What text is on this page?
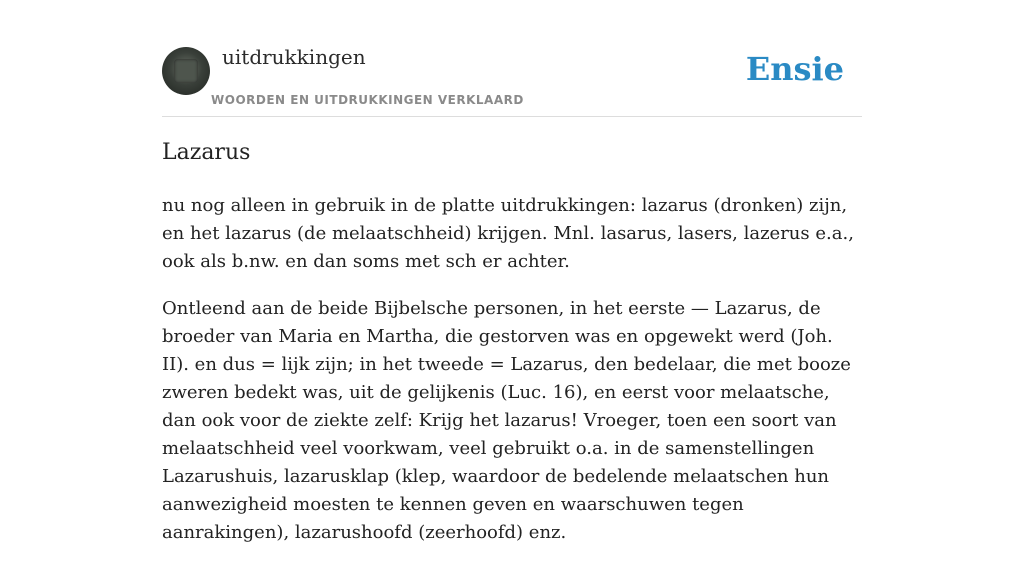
uitdrukkingen
WOORDEN EN UITDRUKKINGEN VERKLAARD
Ensie
Lazarus

nu nog alleen in gebruik in de platte uitdrukkingen: lazarus (dronken) zijn, en het lazarus (de melaatschheid) krijgen. Mnl. lasarus, lasers, lazerus e.a., ook als b.nw. en dan soms met sch er achter.

Ontleend aan de beide Bijbelsche personen, in het eerste — Lazarus, de broeder van Maria en Martha, die gestorven was en opgewekt werd (Joh. II). en dus = lijk zijn; in het tweede = Lazarus, den bedelaar, die met booze zweren bedekt was, uit de gelijkenis (Luc. 16), en eerst voor melaatsche, dan ook voor de ziekte zelf: Krijg het lazarus! Vroeger, toen een soort van melaatschheid veel voorkwam, veel gebruikt o.a. in de samenstellingen Lazarushuis, lazarusklap (klep, waardoor de bedelende melaatschen hun aanwezigheid moesten te kennen geven en waarschuwen tegen aanrakingen), lazarushoofd (zeerhoofd) enz.
